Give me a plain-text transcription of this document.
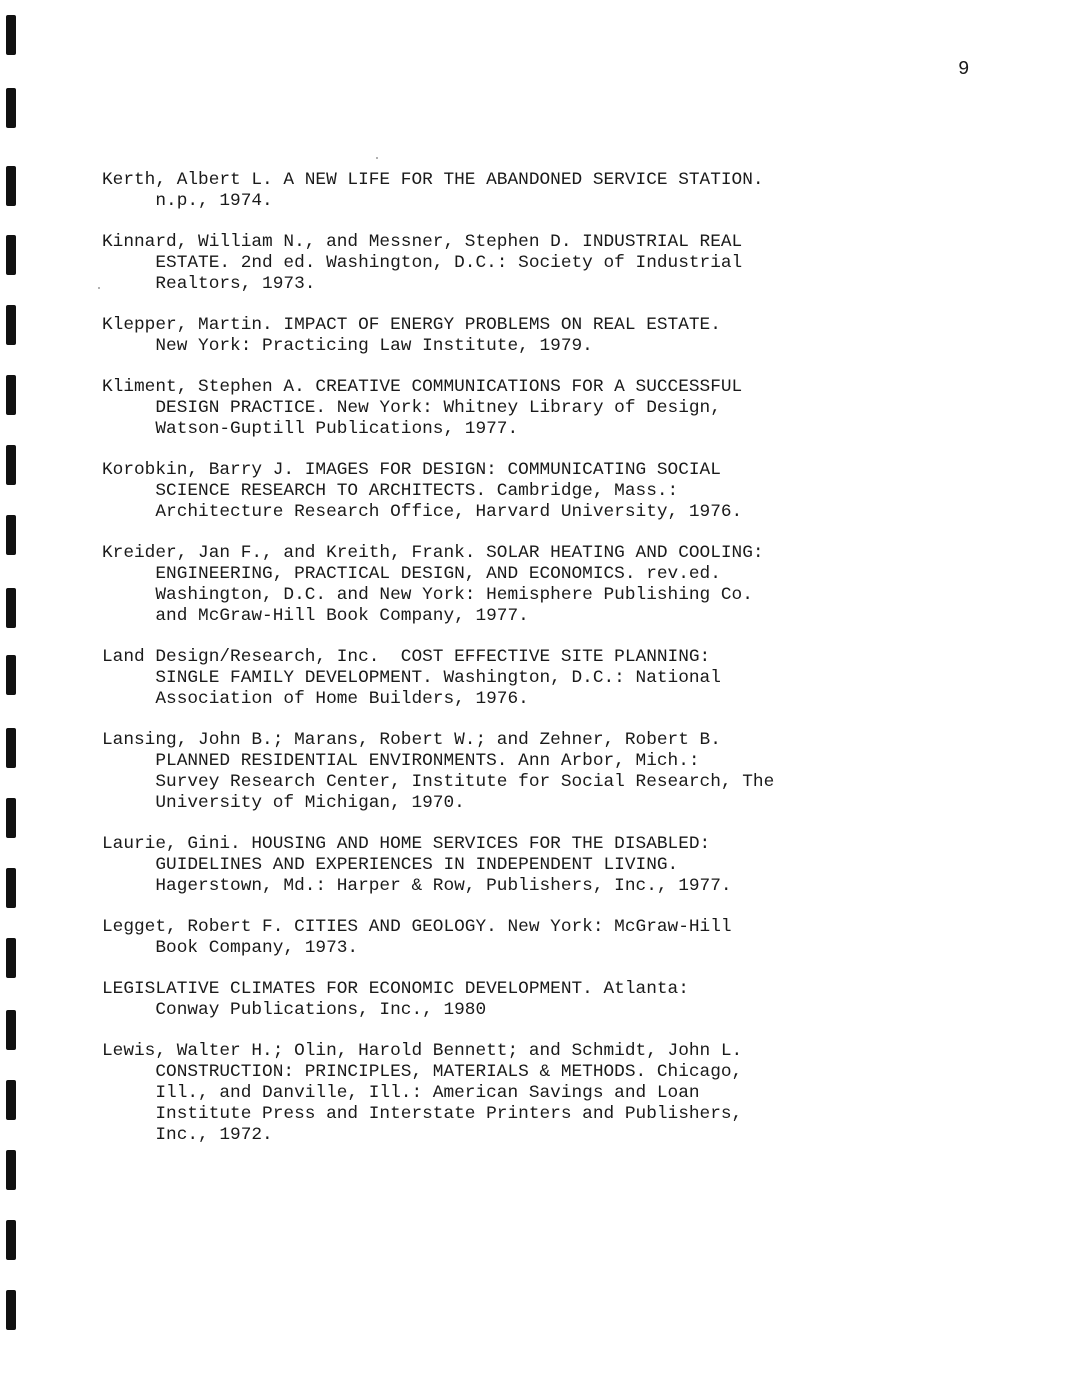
9
Kerth, Albert L. A NEW LIFE FOR THE ABANDONED SERVICE STATION.
n.p., 1974.
Kinnard, William N., and Messner, Stephen D. INDUSTRIAL REAL
ESTATE. 2nd ed. Washington, D.C.: Society of Industrial
Realtors, 1973.
Klepper, Martin. IMPACT OF ENERGY PROBLEMS ON REAL ESTATE.
New York: Practicing Law Institute, 1979.
Kliment, Stephen A. CREATIVE COMMUNICATIONS FOR A SUCCESSFUL
DESIGN PRACTICE. New York: Whitney Library of Design,
Watson-Guptill Publications, 1977.
Korobkin, Barry J. IMAGES FOR DESIGN: COMMUNICATING SOCIAL
SCIENCE RESEARCH TO ARCHITECTS. Cambridge, Mass.:
Architecture Research Office, Harvard University, 1976.
Kreider, Jan F., and Kreith, Frank. SOLAR HEATING AND COOLING:
ENGINEERING, PRACTICAL DESIGN, AND ECONOMICS. rev.ed.
Washington, D.C. and New York: Hemisphere Publishing Co.
and McGraw-Hill Book Company, 1977.
Land Design/Research, Inc.  COST EFFECTIVE SITE PLANNING:
SINGLE FAMILY DEVELOPMENT. Washington, D.C.: National
Association of Home Builders, 1976.
Lansing, John B.; Marans, Robert W.; and Zehner, Robert B.
PLANNED RESIDENTIAL ENVIRONMENTS. Ann Arbor, Mich.:
Survey Research Center, Institute for Social Research, The
University of Michigan, 1970.
Laurie, Gini. HOUSING AND HOME SERVICES FOR THE DISABLED:
GUIDELINES AND EXPERIENCES IN INDEPENDENT LIVING.
Hagerstown, Md.: Harper & Row, Publishers, Inc., 1977.
Legget, Robert F. CITIES AND GEOLOGY. New York: McGraw-Hill
Book Company, 1973.
LEGISLATIVE CLIMATES FOR ECONOMIC DEVELOPMENT. Atlanta:
Conway Publications, Inc., 1980
Lewis, Walter H.; Olin, Harold Bennett; and Schmidt, John L.
CONSTRUCTION: PRINCIPLES, MATERIALS & METHODS. Chicago,
Ill., and Danville, Ill.: American Savings and Loan
Institute Press and Interstate Printers and Publishers,
Inc., 1972.
